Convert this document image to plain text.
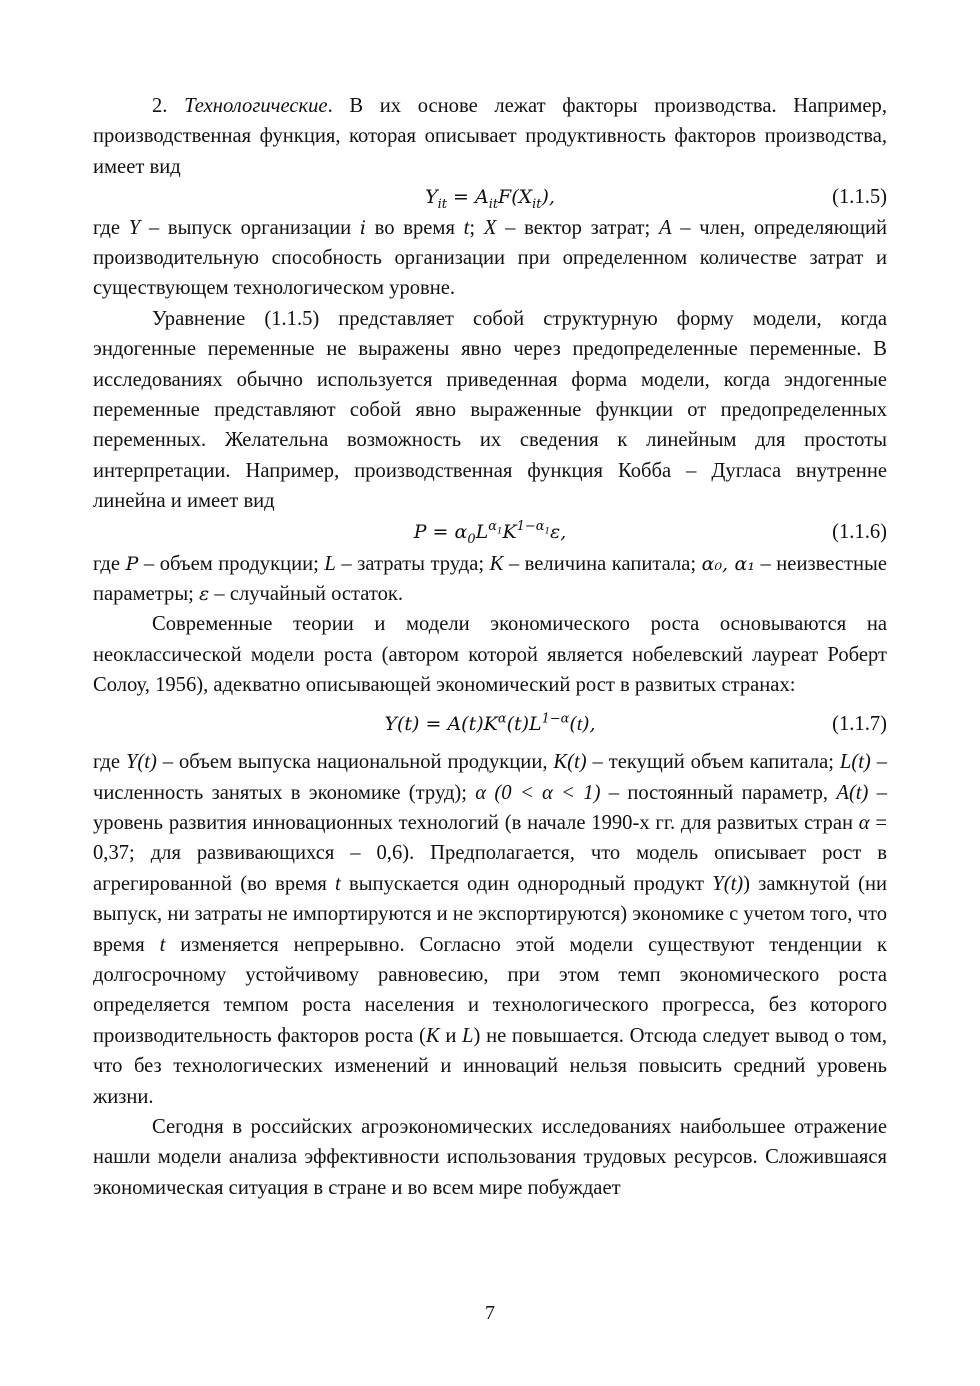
2. Технологические. В их основе лежат факторы производства. Например, производственная функция, которая описывает продуктивность факторов производства, имеет вид

$Y_{it} = A_{it}F(X_{it})$,	(1.1.5)

где Y – выпуск организации i во время t; X – вектор затрат; A – член, определяющий производительную способность организации при определенном количестве затрат и существующем технологическом уровне.

Уравнение (1.1.5) представляет собой структурную форму модели, когда эндогенные переменные не выражены явно через предопределенные переменные. В исследованиях обычно используется приведенная форма модели, когда эндогенные переменные представляют собой явно выраженные функции от предопределенных переменных. Желательна возможность их сведения к линейным для простоты интерпретации. Например, производственная функция Кобба – Дугласа внутренне линейна и имеет вид

$P = \alpha_0L^{\alpha_1}K^{1-\alpha_1}\varepsilon$,	(1.1.6)

где P – объем продукции; L – затраты труда; K – величина капитала; α₀, α₁ – неизвестные параметры; ε – случайный остаток.

Современные теории и модели экономического роста основываются на неоклассической модели роста (автором которой является нобелевский лауреат Роберт Солоу, 1956), адекватно описывающей экономический рост в развитых странах:

$Y(t) = A(t)K^\alpha(t)L^{1-\alpha}(t)$,	(1.1.7)

где Y(t) – объем выпуска национальной продукции, K(t) – текущий объем капитала; L(t) – численность занятых в экономике (труд); α (0 < α < 1) – постоянный параметр, A(t) – уровень развития инновационных технологий (в начале 1990-х гг. для развитых стран α = 0,37; для развивающихся – 0,6). Предполагается, что модель описывает рост в агрегированной (во время t выпускается один однородный продукт Y(t)) замкнутой (ни выпуск, ни затраты не импортируются и не экспортируются) экономике с учетом того, что время t изменяется непрерывно. Согласно этой модели существуют тенденции к долгосрочному устойчивому равновесию, при этом темп экономического роста определяется темпом роста населения и технологического прогресса, без которого производительность факторов роста (K и L) не повышается. Отсюда следует вывод о том, что без технологических изменений и инноваций нельзя повысить средний уровень жизни.

Сегодня в российских агроэкономических исследованиях наибольшее отражение нашли модели анализа эффективности использования трудовых ресурсов. Сложившаяся экономическая ситуация в стране и во всем мире побуждает

7
